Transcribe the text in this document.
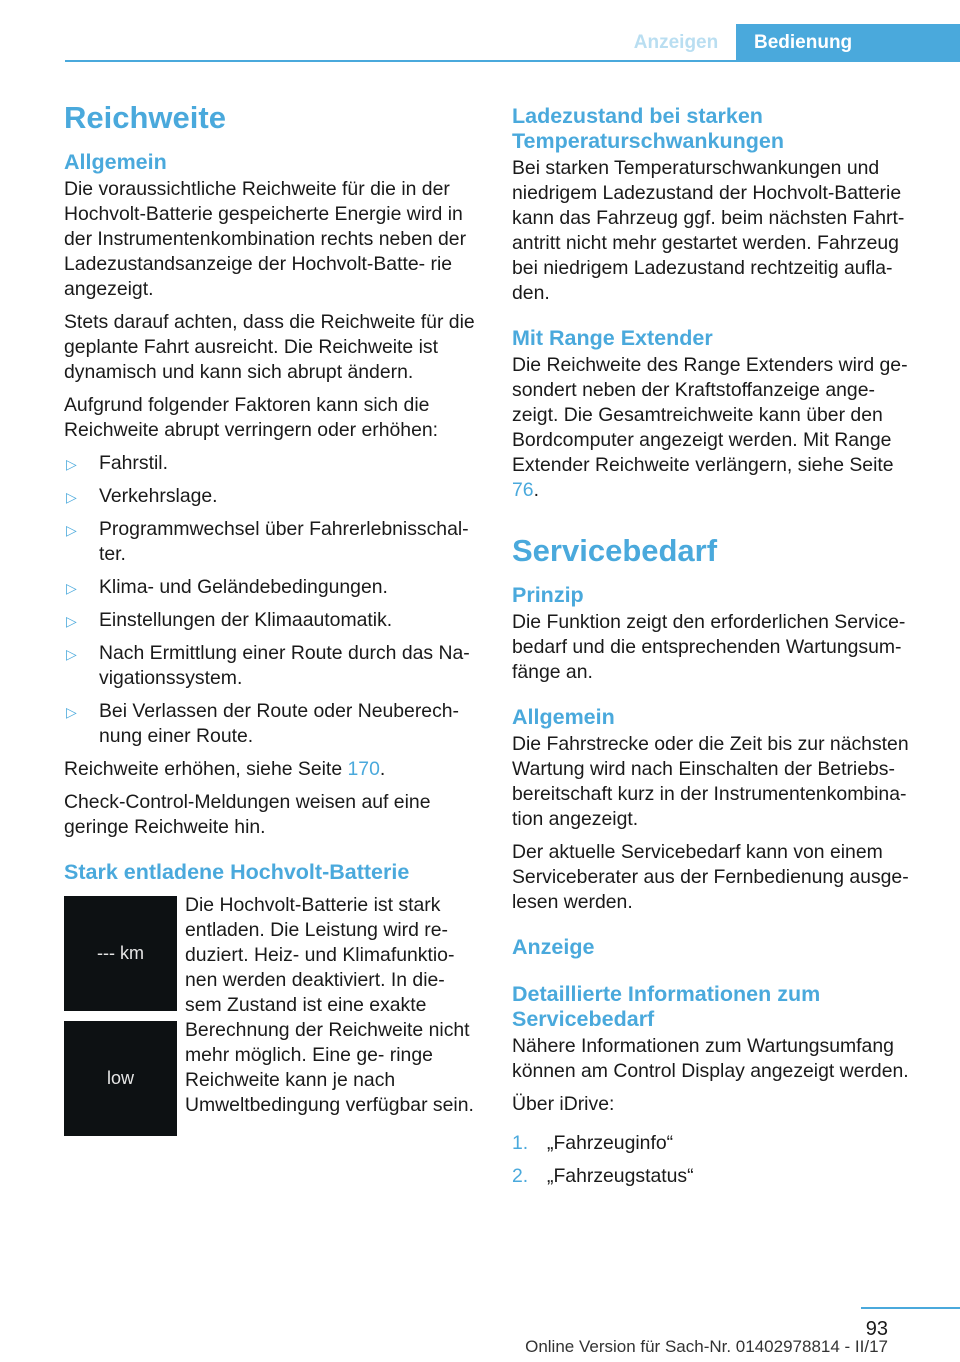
Anzeigen	Bedienung
Reichweite
Allgemein

Die voraussichtliche Reichweite für die in der Hochvolt-Batterie gespeicherte Energie wird in der Instrumentenkombination rechts neben der Ladezustandsanzeige der Hochvolt-Batte- rie angezeigt.

Stets darauf achten, dass die Reichweite für die geplante Fahrt ausreicht. Die Reichweite ist dynamisch und kann sich abrupt ändern.

Aufgrund folgender Faktoren kann sich die Reichweite abrupt verringern oder erhöhen:

▷ Fahrstil.
▷ Verkehrslage.
▷ Programmwechsel über Fahrerlebnisschal- ter.
▷ Klima- und Geländebedingungen.
▷ Einstellungen der Klimaautomatik.
▷ Nach Ermittlung einer Route durch das Na- vigationssystem.
▷ Bei Verlassen der Route oder Neuberech- nung einer Route.

Reichweite erhöhen, siehe Seite 170.

Check-Control-Meldungen weisen auf eine geringe Reichweite hin.

Stark entladene Hochvolt-Batterie
--- km
low
Die Hochvolt-Batterie ist stark entladen. Die Leistung wird re- duziert. Heiz- und Klimafunktio- nen werden deaktiviert. In die- sem Zustand ist eine exakte Berechnung der Reichweite nicht mehr möglich. Eine ge- ringe Reichweite kann je nach Umweltbedingung verfügbar sein.
Ladezustand bei starken Temperaturschwankungen

Bei starken Temperaturschwankungen und niedrigem Ladezustand der Hochvolt-Batterie kann das Fahrzeug ggf. beim nächsten Fahrt- antritt nicht mehr gestartet werden. Fahrzeug bei niedrigem Ladezustand rechtzeitig aufla- den.

Mit Range Extender

Die Reichweite des Range Extenders wird ge- sondert neben der Kraftstoffanzeige ange- zeigt. Die Gesamtreichweite kann über den Bordcomputer angezeigt werden. Mit Range Extender Reichweite verlängern, siehe Seite 76.

Servicebedarf
Prinzip

Die Funktion zeigt den erforderlichen Service- bedarf und die entsprechenden Wartungsum- fänge an.

Allgemein

Die Fahrstrecke oder die Zeit bis zur nächsten Wartung wird nach Einschalten der Betriebs- bereitschaft kurz in der Instrumentenkombina- tion angezeigt.

Der aktuelle Servicebedarf kann von einem Serviceberater aus der Fernbedienung ausge- lesen werden.

Anzeige
Detaillierte Informationen zum Servicebedarf

Nähere Informationen zum Wartungsumfang können am Control Display angezeigt werden.

Über iDrive:

1. „Fahrzeuginfo“
2. „Fahrzeugstatus“
93
Online Version für Sach-Nr. 01402978814 - II/17
